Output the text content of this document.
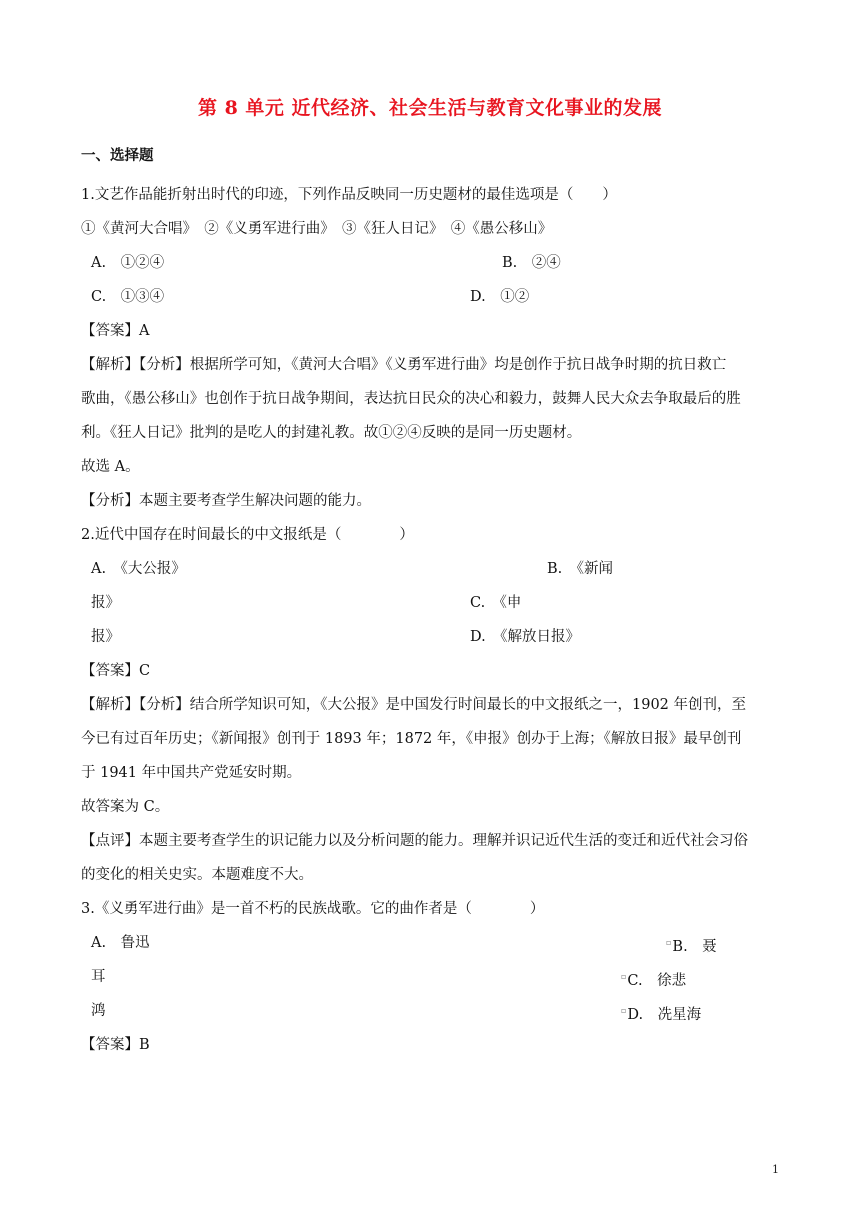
第 8 单元 近代经济、社会生活与教育文化事业的发展
一、选择题
1.文艺作品能折射出时代的印迹，下列作品反映同一历史题材的最佳选项是（　　）
①《黄河大合唱》　②《义勇军进行曲》　③《狂人日记》　④《愚公移山》
A.　①②④	B.　②④
C.　①③④	D.　①②
【答案】A
【解析】【分析】根据所学可知，《黄河大合唱》《义勇军进行曲》均是创作于抗日战争时期的抗日救亡
歌曲，《愚公移山》也创作于抗日战争期间，表达抗日民众的决心和毅力，鼓舞人民大众去争取最后的胜
利。《狂人日记》批判的是吃人的封建礼教。故①②④反映的是同一历史题材。
故选 A。
【分析】本题主要考查学生解决问题的能力。
2.近代中国存在时间最长的中文报纸是（　　　　）
A.　《大公报》	B.　《新闻
报》	C.　《申
报》	D.　《解放日报》
【答案】C
【解析】【分析】结合所学知识可知，《大公报》是中国发行时间最长的中文报纸之一，1902 年创刊，至
今已有过百年历史；《新闻报》创刊于 1893 年；1872 年，《申报》创办于上海；《解放日报》最早创刊
于 1941 年中国共产党延安时期。
故答案为 C。
【点评】本题主要考查学生的识记能力以及分析问题的能力。理解并识记近代生活的变迁和近代社会习俗
的变化的相关史实。本题难度不大。
3.《义勇军进行曲》是一首不朽的民族战歌。它的曲作者是（　　　　）
A.　鲁迅	▫B.　聂
耳	▫C.　徐悲
鸿	▫D.　冼星海
【答案】B
1
